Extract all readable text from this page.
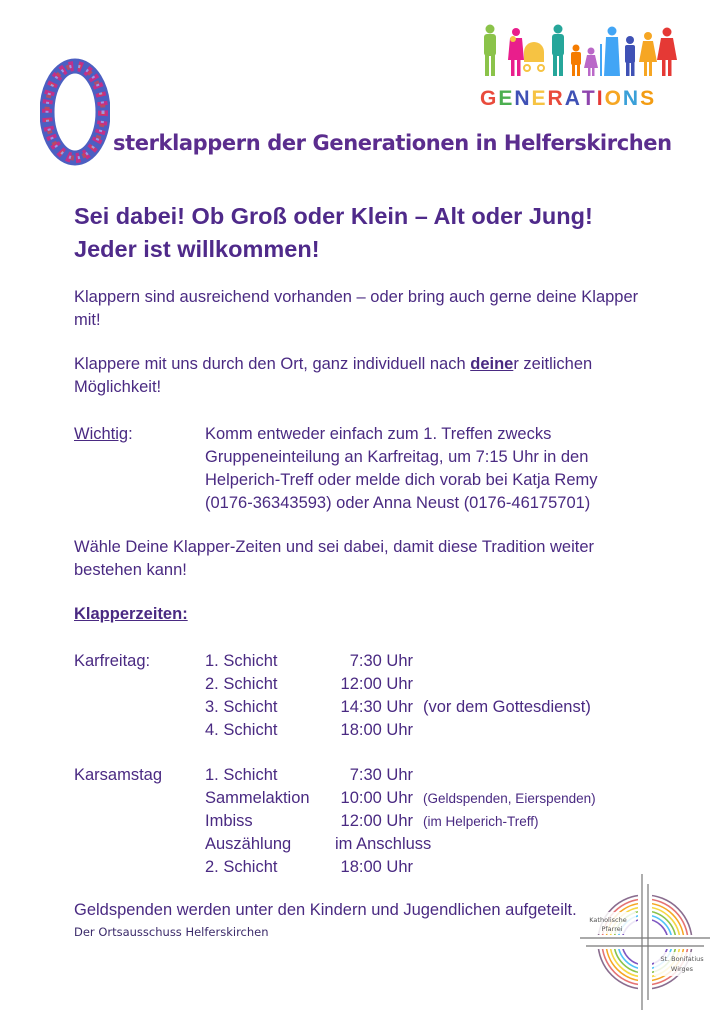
GENERATIONS
sterklappern der Generationen in Helferskirchen
Sei dabei! Ob Groß oder Klein – Alt oder Jung!
Jeder ist willkommen!
Klappern sind ausreichend vorhanden – oder bring auch gerne deine Klapper mit!
Klappere mit uns durch den Ort, ganz individuell nach deiner zeitlichen Möglichkeit!
Wichtig:	Komm entweder einfach zum 1. Treffen zwecks Gruppeneinteilung an Karfreitag, um 7:15 Uhr in den Helperich-Treff oder melde dich vorab bei Katja Remy (0176-36343593) oder Anna Neust (0176-46175701)
Wähle Deine Klapper-Zeiten und sei dabei, damit diese Tradition weiter bestehen kann!
Klapperzeiten:
Karfreitag:	1. Schicht	7:30 Uhr
2. Schicht	12:00 Uhr
3. Schicht	14:30 Uhr (vor dem Gottesdienst)
4. Schicht	18:00 Uhr
Karsamstag	1. Schicht	7:30 Uhr
Sammelaktion 10:00 Uhr (Geldspenden, Eierspenden)
Imbiss	12:00 Uhr (im Helperich-Treff)
Auszählung	im Anschluss
2. Schicht	18:00 Uhr
Geldspenden werden unter den Kindern und Jugendlichen aufgeteilt.
Der Ortsausschuss Helferskirchen
Katholische
Pfarrei
St. Bonifatius
Wirges
